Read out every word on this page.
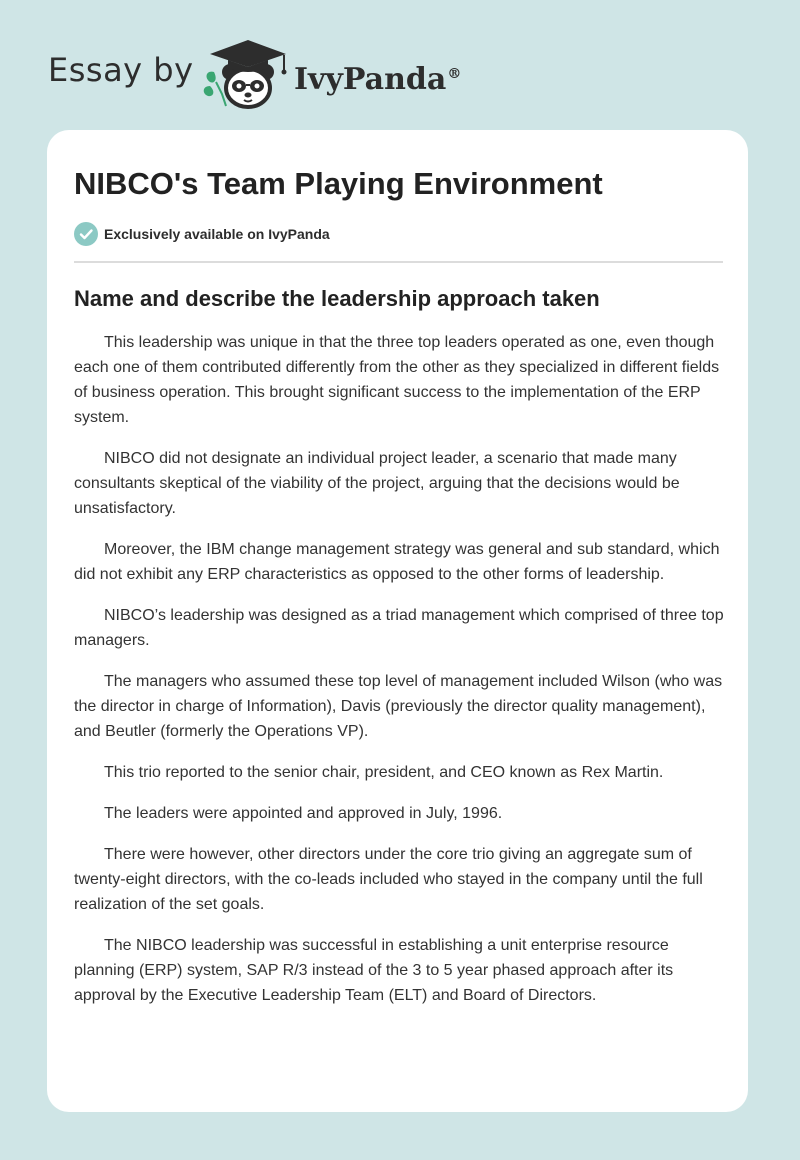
Essay by	IvyPanda®
NIBCO's Team Playing Environment
Exclusively available on IvyPanda
Name and describe the leadership approach taken

This leadership was unique in that the three top leaders operated as one, even though each one of them contributed differently from the other as they specialized in different fields of business operation. This brought significant success to the implementation of the ERP system.

NIBCO did not designate an individual project leader, a scenario that made many consultants skeptical of the viability of the project, arguing that the decisions would be unsatisfactory.

Moreover, the IBM change management strategy was general and sub standard, which did not exhibit any ERP characteristics as opposed to the other forms of leadership.

NIBCO’s leadership was designed as a triad management which comprised of three top managers.

The managers who assumed these top level of management included Wilson (who was the director in charge of Information), Davis (previously the director quality management), and Beutler (formerly the Operations VP).

This trio reported to the senior chair, president, and CEO known as Rex Martin.

The leaders were appointed and approved in July, 1996.

There were however, other directors under the core trio giving an aggregate sum of twenty-eight directors, with the co-leads included who stayed in the company until the full realization of the set goals.

The NIBCO leadership was successful in establishing a unit enterprise resource planning (ERP) system, SAP R/3 instead of the 3 to 5 year phased approach after its approval by the Executive Leadership Team (ELT) and Board of Directors.
